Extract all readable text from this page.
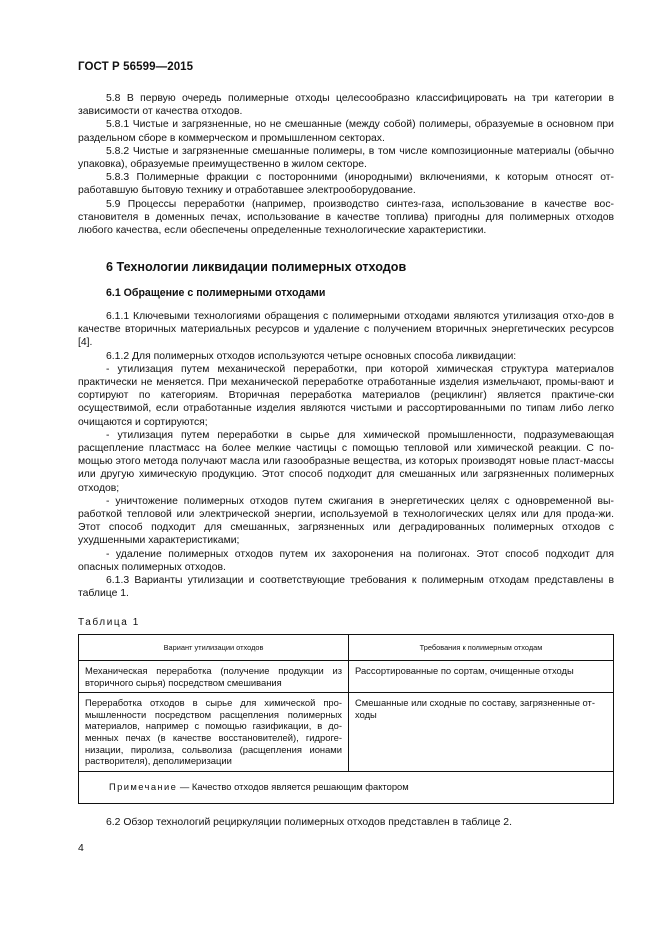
ГОСТ Р 56599—2015

5.8 В первую очередь полимерные отходы целесообразно классифицировать на три категории в зависимости от качества отходов.

5.8.1 Чистые и загрязненные, но не смешанные (между собой) полимеры, образуемые в основном при раздельном сборе в коммерческом и промышленном секторах.

5.8.2 Чистые и загрязненные смешанные полимеры, в том числе композиционные материалы (обычно упаковка), образуемые преимущественно в жилом секторе.

5.8.3 Полимерные фракции с посторонними (инородными) включениями, к которым относят от-работавшую бытовую технику и отработавшее электрооборудование.

5.9 Процессы переработки (например, производство синтез-газа, использование в качестве вос-становителя в доменных печах, использование в качестве топлива) пригодны для полимерных отходов любого качества, если обеспечены определенные технологические характеристики.

6 Технологии ликвидации полимерных отходов
6.1 Обращение с полимерными отходами

6.1.1 Ключевыми технологиями обращения с полимерными отходами являются утилизация отхо-дов в качестве вторичных материальных ресурсов и удаление с получением вторичных энергетических ресурсов [4].

6.1.2 Для полимерных отходов используются четыре основных способа ликвидации:

- утилизация путем механической переработки, при которой химическая структура материалов практически не меняется. При механической переработке отработанные изделия измельчают, промы-вают и сортируют по категориям. Вторичная переработка материалов (рециклинг) является практиче-ски осуществимой, если отработанные изделия являются чистыми и рассортированными по типам либо легко очищаются и сортируются;

- утилизация путем переработки в сырье для химической промышленности, подразумевающая расщепление пластмасс на более мелкие частицы с помощью тепловой или химической реакции. С по-мощью этого метода получают масла или газообразные вещества, из которых производят новые пласт-массы или другую химическую продукцию. Этот способ подходит для смешанных или загрязненных полимерных отходов;

- уничтожение полимерных отходов путем сжигания в энергетических целях с одновременной вы-работкой тепловой или электрической энергии, используемой в технологических целях или для прода-жи. Этот способ подходит для смешанных, загрязненных или деградированных полимерных отходов с ухудшенными характеристиками;

- удаление полимерных отходов путем их захоронения на полигонах. Этот способ подходит для опасных полимерных отходов.

6.1.3 Варианты утилизации и соответствующие требования к полимерным отходам представлены в таблице 1.

Таблица 1
Вариант утилизации отходов	Требования к полимерным отходам
Механическая переработка (получение продукции из вторичного сырья) посредством смешивания	Рассортированные по сортам, очищенные отходы
Переработка отходов в сырье для химической про-мышленности посредством расщепления полимерных материалов, например с помощью газификации, в до-менных печах (в качестве восстановителей), гидроге-низации, пиролиза, сольволиза (расщепления ионами растворителя), деполимеризации	Смешанные или сходные по составу, загрязненные от-ходы
Примечание — Качество отходов является решающим фактором	
6.2 Обзор технологий рециркуляции полимерных отходов представлен в таблице 2.
4
